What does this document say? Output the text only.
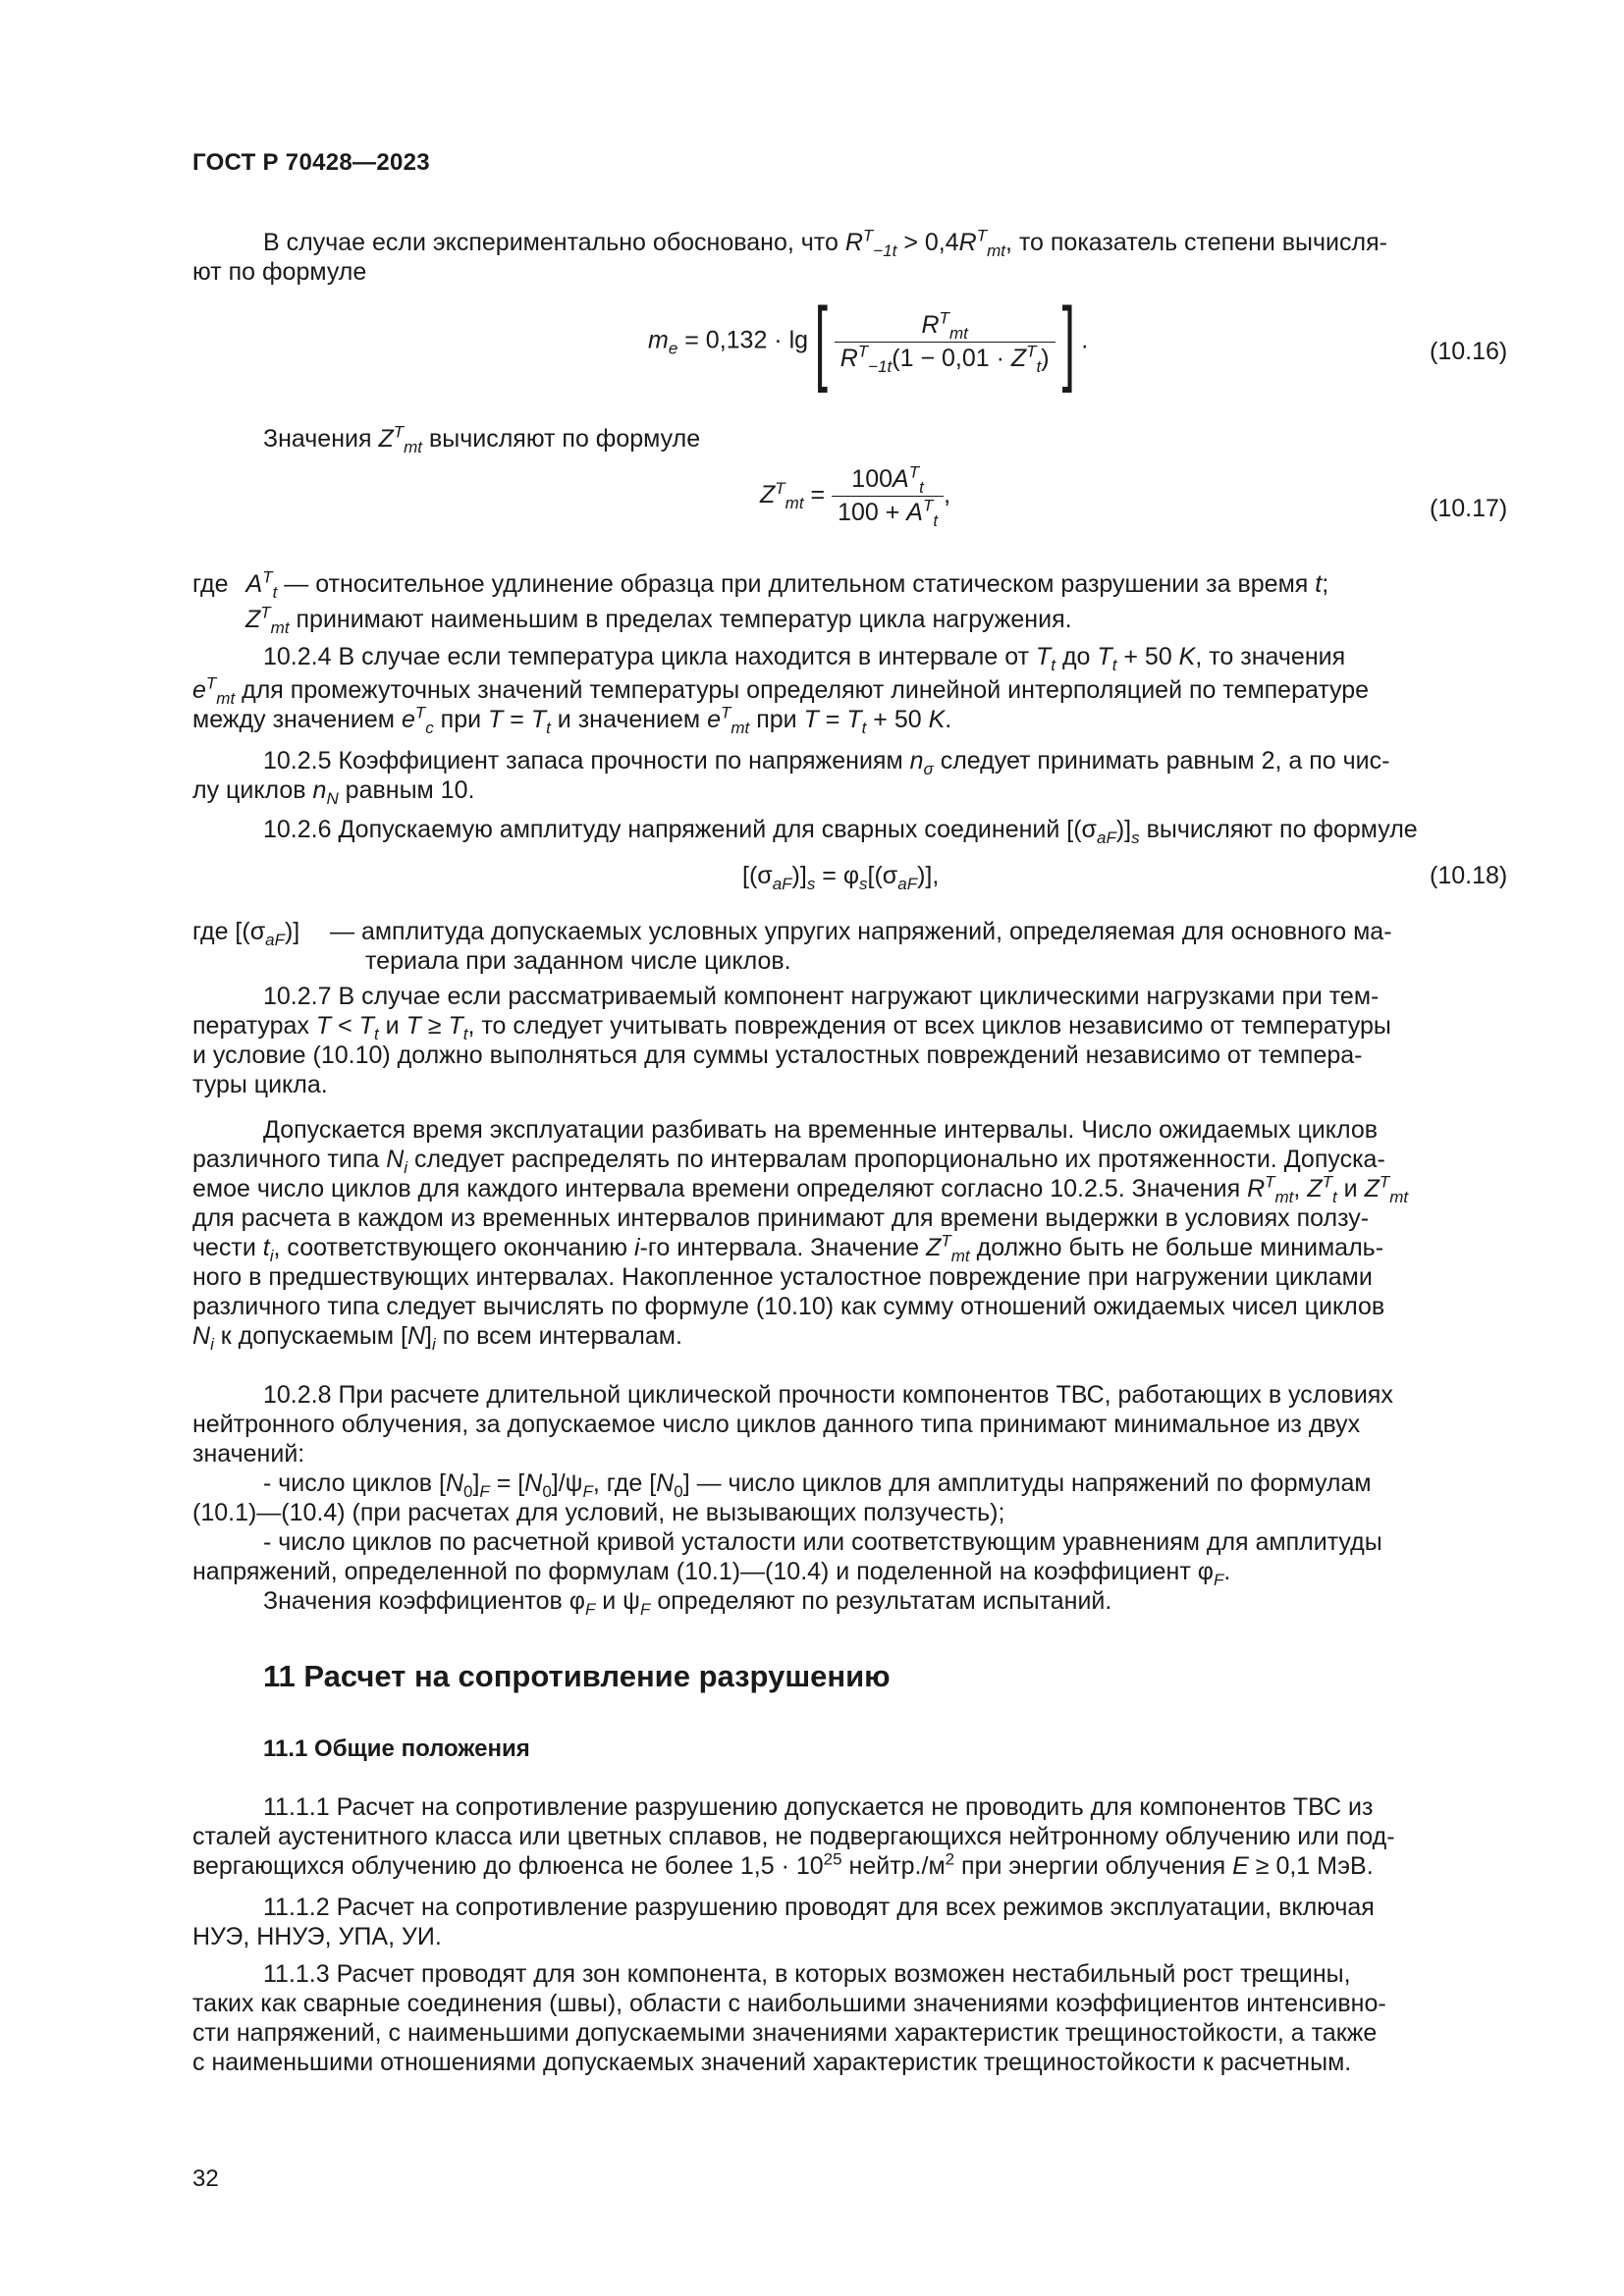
ГОСТ Р 70428—2023
В случае если экспериментально обосновано, что $R^T_{-1t} > 0,4R^T_{mt}$, то показатель степени вычисля-
ют по формуле
$m_e = 0,132 \cdot \lg[ \frac{R^T_{mt}}{R^T_{-1t}(1 - 0,01 \cdot Z^T_t)}$ ] .	(10.16)
Значения $Z^T_{mt}$ вычисляют по формуле
$Z^T_{mt} = \frac{100A^T_t}{100 + A^T_t}$ ,	(10.17)
где $A^T_t$ — относительное удлинение образца при длительном статическом разрушении за время t;
$Z^T_{mt}$ принимают наименьшим в пределах температур цикла нагружения.
10.2.4 В случае если температура цикла находится в интервале от $T_t$ до $T_t + 50$ K, то значения
$e^T_{mt}$ для промежуточных значений температуры определяют линейной интерполяцией по температуре
между значением $e^T_c$ при $T = T_t$ и значением $e^T_{mt}$ при $T = T_t + 50$ K.
10.2.5 Коэффициент запаса прочности по напряжениям $n_\sigma$ следует принимать равным 2, а по чис-
лу циклов $n_N$ равным 10.
10.2.6 Допускаемую амплитуду напряжений для сварных соединений $[(\sigma_{aF})]_s$ вычисляют по формуле
$[(\sigma_{aF})]_s = \varphi_s[(\sigma_{aF})]$,	(10.18)
где $[(\sigma_{aF})]$ — амплитуда допускаемых условных упругих напряжений, определяемая для основного ма-
териала при заданном числе циклов.
10.2.7 В случае если рассматриваемый компонент нагружают циклическими нагрузками при тем-
пературах $T < T_t$ и $T \ge T_t$, то следует учитывать повреждения от всех циклов независимо от температуры
и условие (10.10) должно выполняться для суммы усталостных повреждений независимо от темпера-
туры цикла.
Допускается время эксплуатации разбивать на временные интервалы. Число ожидаемых циклов
различного типа $N_i$ следует распределять по интервалам пропорционально их протяженности. Допуска-
емое число циклов для каждого интервала времени определяют согласно 10.2.5. Значения $R^T_{mt}$, $Z^T_t$ и $Z^T_{mt}$
для расчета в каждом из временных интервалов принимают для времени выдержки в условиях ползу-
чести $t_i$, соответствующего окончанию i-го интервала. Значение $Z^T_{mt}$ должно быть не больше минималь-
ного в предшествующих интервалах. Накопленное усталостное повреждение при нагружении циклами
различного типа следует вычислять по формуле (10.10) как сумму отношений ожидаемых чисел циклов
$N_i$ к допускаемым $[N]_i$ по всем интервалам.
10.2.8 При расчете длительной циклической прочности компонентов ТВС, работающих в условиях
нейтронного облучения, за допускаемое число циклов данного типа принимают минимальное из двух
значений:
- число циклов $[N_0]_F = [N_0]/\psi_F$, где $[N_0]$ — число циклов для амплитуды напряжений по формулам
(10.1)—(10.4) (при расчетах для условий, не вызывающих ползучесть);
- число циклов по расчетной кривой усталости или соответствующим уравнениям для амплитуды
напряжений, определенной по формулам (10.1)—(10.4) и поделенной на коэффициент $\varphi_F$.
Значения коэффициентов $\varphi_F$ и $\psi_F$ определяют по результатам испытаний.
11 Расчет на сопротивление разрушению
11.1 Общие положения
11.1.1 Расчет на сопротивление разрушению допускается не проводить для компонентов ТВС из
сталей аустенитного класса или цветных сплавов, не подвергающихся нейтронному облучению или под-
вергающихся облучению до флюенса не более $1,5 \cdot 10^{25}$ $нейтр./м^2$ при энергии облучения E ≥ 0,1 МэВ.
11.1.2 Расчет на сопротивление разрушению проводят для всех режимов эксплуатации, включая
НУЭ, ННУЭ, УПА, УИ.
11.1.3 Расчет проводят для зон компонента, в которых возможен нестабильный рост трещины,
таких как сварные соединения (швы), области с наибольшими значениями коэффициентов интенсивно-
сти напряжений, с наименьшими допускаемыми значениями характеристик трещиностойкости, а также
с наименьшими отношениями допускаемых значений характеристик трещиностойкости к расчетным.
32
